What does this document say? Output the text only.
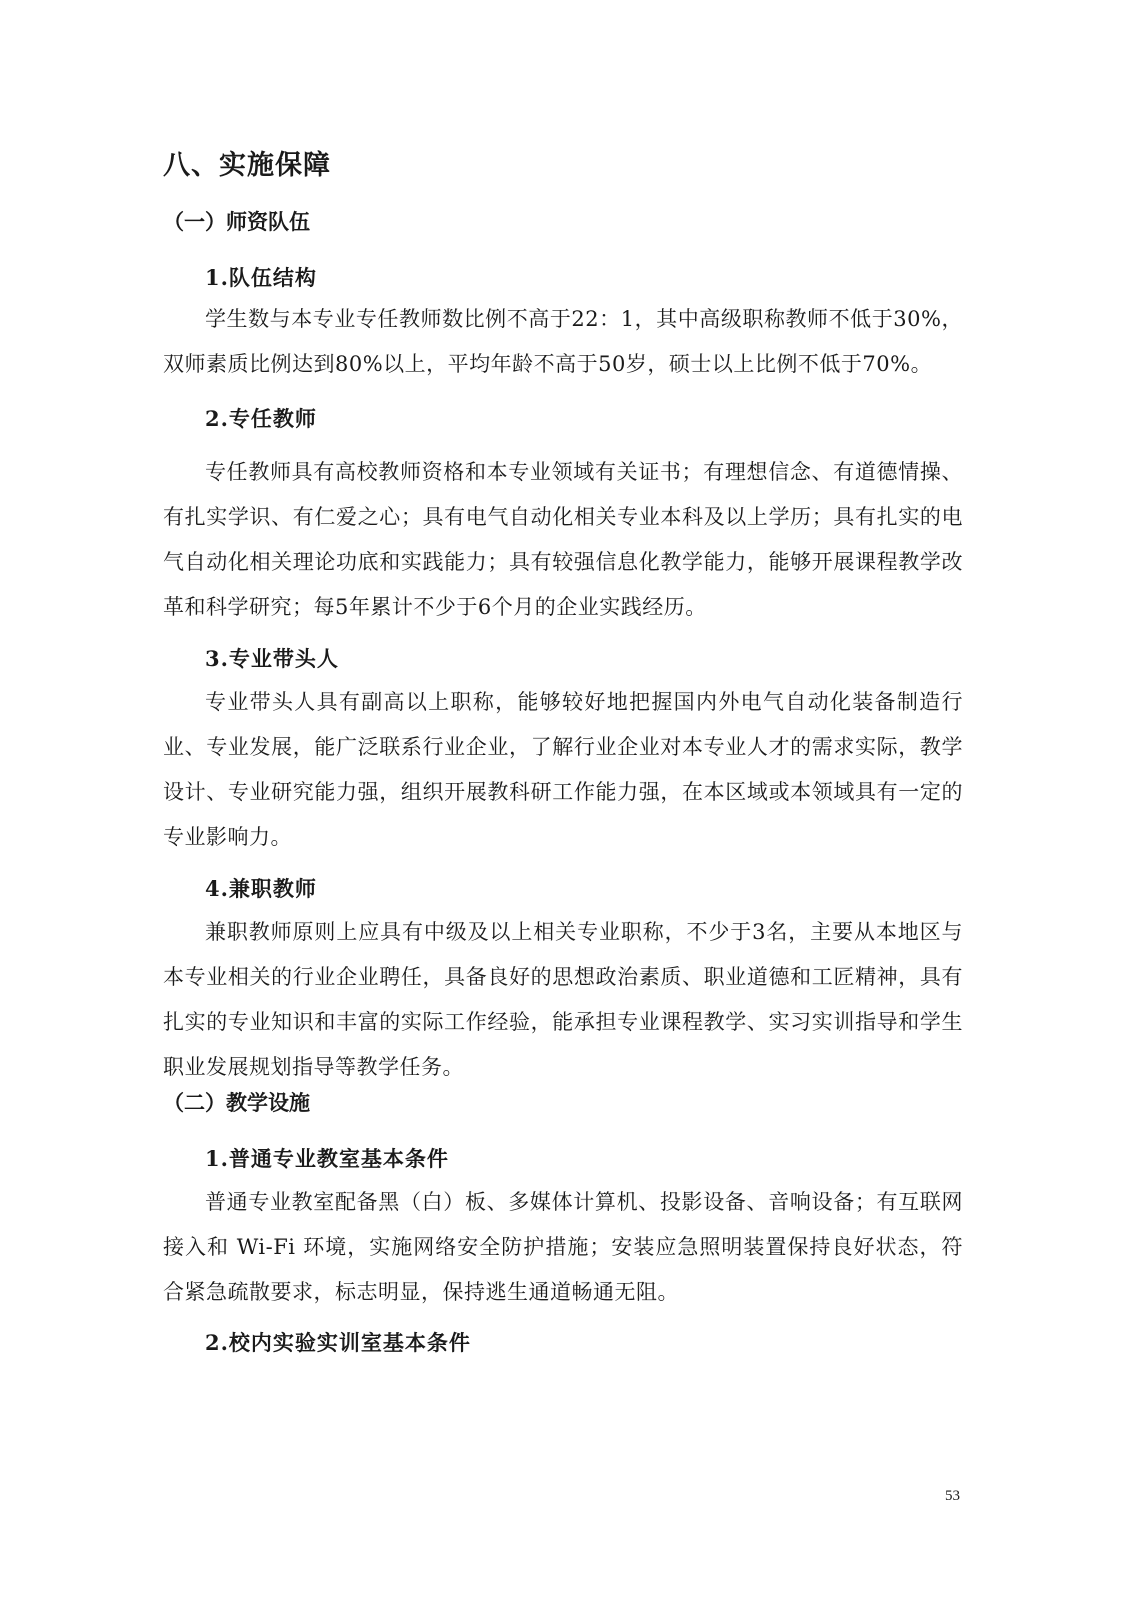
八、实施保障
（一）师资队伍
1.队伍结构

学生数与本专业专任教师数比例不高于22：1，其中高级职称教师不低于30%，双师素质比例达到80%以上，平均年龄不高于50岁，硕士以上比例不低于70%。

2.专任教师

专任教师具有高校教师资格和本专业领域有关证书；有理想信念、有道德情操、有扎实学识、有仁爱之心；具有电气自动化相关专业本科及以上学历；具有扎实的电气自动化相关理论功底和实践能力；具有较强信息化教学能力，能够开展课程教学改革和科学研究；每5年累计不少于6个月的企业实践经历。

3.专业带头人

专业带头人具有副高以上职称，能够较好地把握国内外电气自动化装备制造行业、专业发展，能广泛联系行业企业，了解行业企业对本专业人才的需求实际，教学设计、专业研究能力强，组织开展教科研工作能力强，在本区域或本领域具有一定的专业影响力。

4.兼职教师

兼职教师原则上应具有中级及以上相关专业职称，不少于3名，主要从本地区与本专业相关的行业企业聘任，具备良好的思想政治素质、职业道德和工匠精神，具有扎实的专业知识和丰富的实际工作经验，能承担专业课程教学、实习实训指导和学生职业发展规划指导等教学任务。

（二）教学设施
1.普通专业教室基本条件

普通专业教室配备黑（白）板、多媒体计算机、投影设备、音响设备；有互联网接入和 Wi-Fi 环境，实施网络安全防护措施；安装应急照明装置保持良好状态，符合紧急疏散要求，标志明显，保持逃生通道畅通无阻。

2.校内实验实训室基本条件
53
